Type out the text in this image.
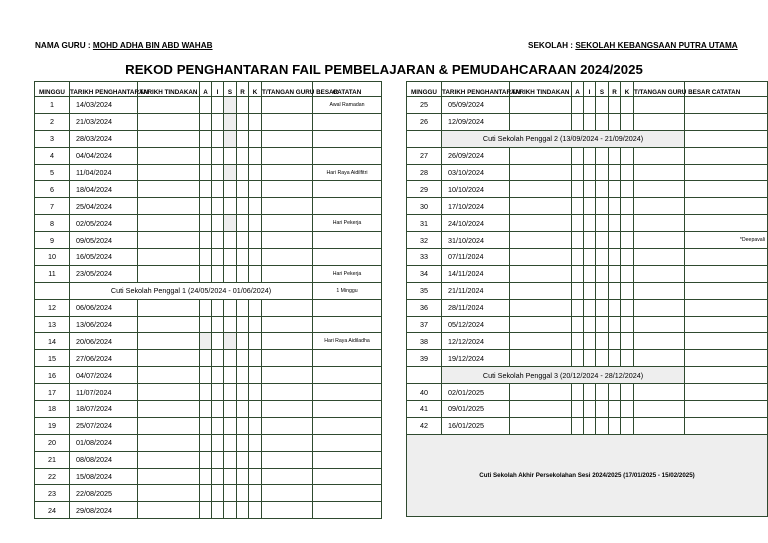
NAMA GURU : MOHD ADHA BIN ABD WAHAB	SEKOLAH : SEKOLAH KEBANGSAAN PUTRA UTAMA
REKOD PENGHANTARAN FAIL PEMBELAJARAN & PEMUDAHCARAAN 2024/2025
MINGGU	TARIKH PENGHANTARAN	TARIKH TINDAKAN	A	I	S	R	K	T/TANGAN GURU BESAR	CATATAN
1	14/03/2024								Awal Ramadan
2	21/03/2024								
3	28/03/2024								
4	04/04/2024								
5	11/04/2024								Hari Raya Aidilfitri
6	18/04/2024								
7	25/04/2024								
8	02/05/2024								Hari Pekerja
9	09/05/2024								
10	16/05/2024								
11	23/05/2024								Hari Pekerja
	Cuti Sekolah Penggal 1 (24/05/2024 - 01/06/2024)								1 Minggu
12	06/06/2024								
13	13/06/2024								
14	20/06/2024								Hari Raya Aidiladha
15	27/06/2024								
16	04/07/2024								
17	11/07/2024								
18	18/07/2024								
19	25/07/2024								
20	01/08/2024								
21	08/08/2024								
22	15/08/2024								
23	22/08/2025								
24	29/08/2024								
MINGGU	TARIKH PENGHANTARAN	TARIKH TINDAKAN	A	I	S	R	K	T/TANGAN GURU BESAR	CATATAN
25	05/09/2024								
26	12/09/2024								
	Cuti Sekolah Penggal 2 (13/09/2024 - 21/09/2024)								
27	26/09/2024								
28	03/10/2024								
29	10/10/2024								
30	17/10/2024								
31	24/10/2024								
32	31/10/2024								*Deepavali
33	07/11/2024								
34	14/11/2024								
35	21/11/2024								
36	28/11/2024								
37	05/12/2024								
38	12/12/2024								
39	19/12/2024								
	Cuti Sekolah Penggal 3 (20/12/2024 - 28/12/2024)								
40	02/01/2025								
41	09/01/2025								
42	16/01/2025								
Cuti Sekolah Akhir Persekolahan Sesi 2024/2025 (17/01/2025 - 15/02/2025)									
